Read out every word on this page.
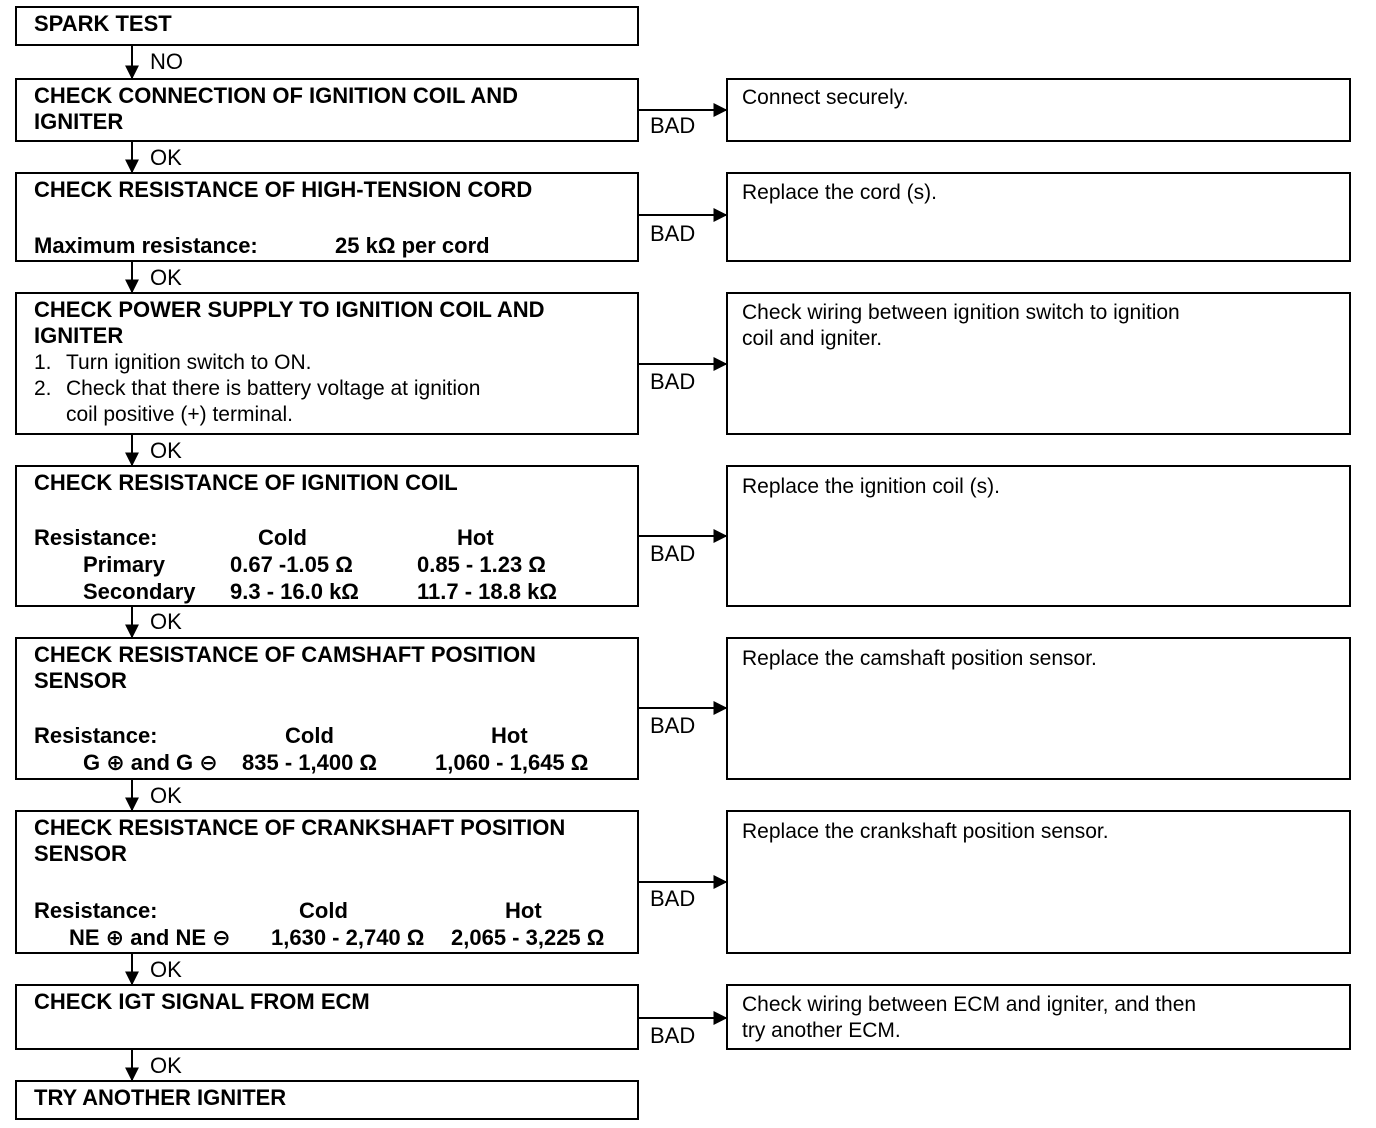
NO
OK
OK
OK
OK
OK
OK
OK
BAD
BAD
BAD
BAD
BAD
BAD
BAD
SPARK TEST
CHECK CONNECTION OF IGNITION COIL AND
IGNITER
Connect securely.
CHECK RESISTANCE OF HIGH-TENSION CORD
Maximum resistance:	25 kΩ per cord
Replace the cord (s).
CHECK POWER SUPPLY TO IGNITION COIL AND
IGNITER
1. Turn ignition switch to ON.
2. Check that there is battery voltage at ignition
coil positive (+) terminal.
Check wiring between ignition switch to ignition
coil and igniter.
CHECK RESISTANCE OF IGNITION COIL
Resistance:	Cold	Hot
Primary	0.67 -1.05 Ω	0.85 - 1.23 Ω
Secondary 9.3 - 16.0 kΩ	11.7 - 18.8 kΩ
Replace the ignition coil (s).
CHECK RESISTANCE OF CAMSHAFT POSITION
SENSOR
Resistance:	Cold	Hot
G ⊕ and G ⊖ 835 - 1,400 Ω	1,060 - 1,645 Ω
Replace the camshaft position sensor.
CHECK RESISTANCE OF CRANKSHAFT POSITION
SENSOR
Resistance:	Cold	Hot
NE ⊕ and NE ⊖ 1,630 - 2,740 Ω 2,065 - 3,225 Ω
Replace the crankshaft position sensor.
CHECK IGT SIGNAL FROM ECM	Check wiring between ECM and igniter, and then
try another ECM.
TRY ANOTHER IGNITER
